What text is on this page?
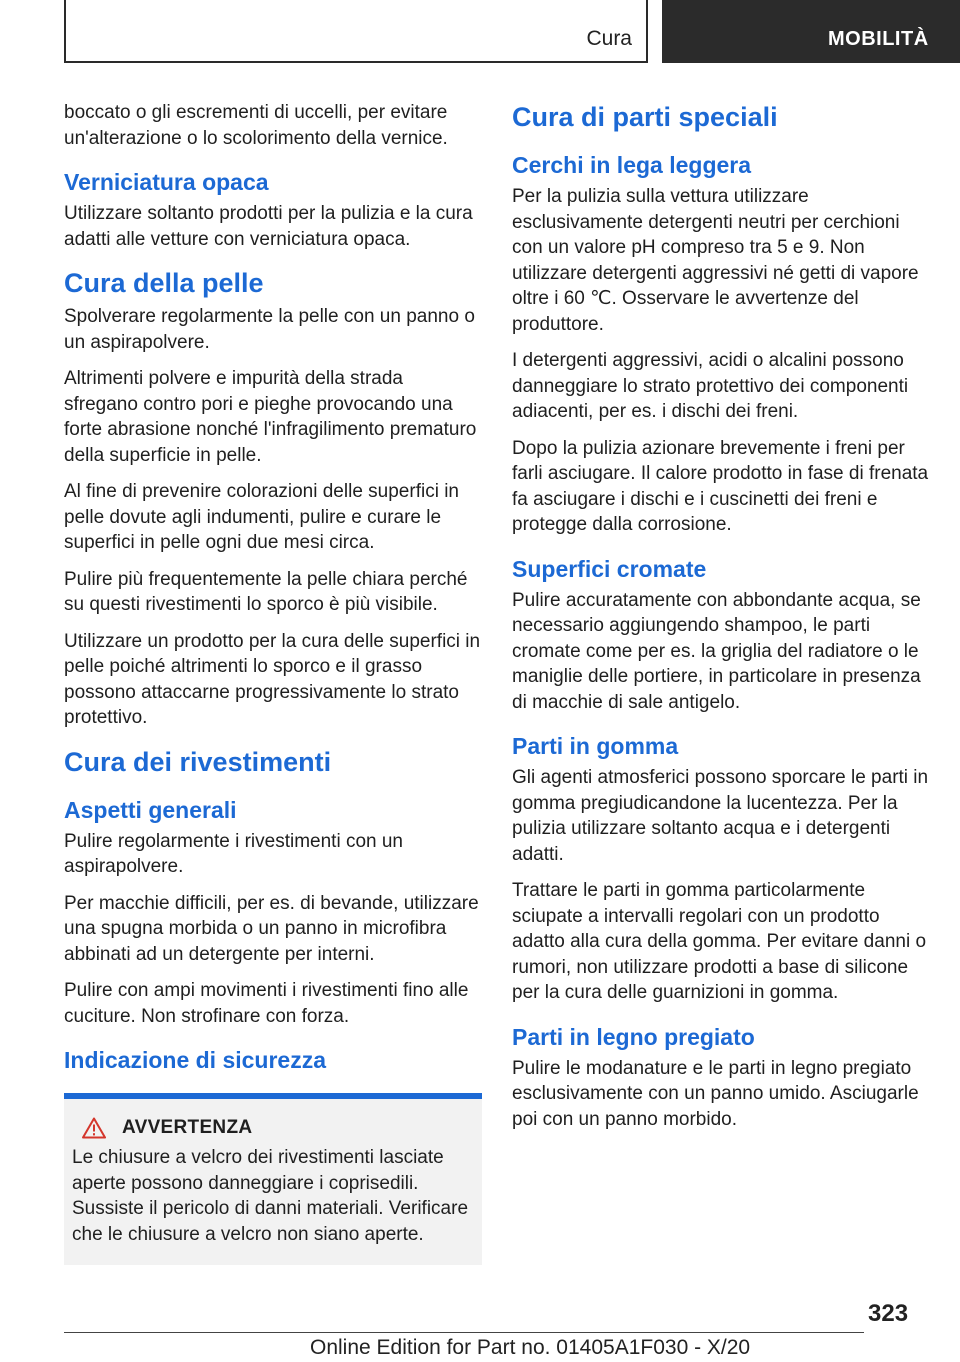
Cura	MOBILITÀ

boccato o gli escrementi di uccelli, per evitare un'alterazione o lo scolorimento della vernice.

Verniciatura opaca

Utilizzare soltanto prodotti per la pulizia e la cura adatti alle vetture con verniciatura opaca.

Cura della pelle

Spolverare regolarmente la pelle con un panno o un aspirapolvere.

Altrimenti polvere e impurità della strada sfregano contro pori e pieghe provocando una forte abrasione nonché l'infragilimento prematuro della superficie in pelle.

Al fine di prevenire colorazioni delle superfici in pelle dovute agli indumenti, pulire e curare le superfici in pelle ogni due mesi circa.

Pulire più frequentemente la pelle chiara perché su questi rivestimenti lo sporco è più visibile.

Utilizzare un prodotto per la cura delle superfici in pelle poiché altrimenti lo sporco e il grasso possono attaccarne progressivamente lo strato protettivo.

Cura dei rivestimenti
Aspetti generali

Pulire regolarmente i rivestimenti con un aspirapolvere.

Per macchie difficili, per es. di bevande, utilizzare una spugna morbida o un panno in microfibra abbinati ad un detergente per interni.

Pulire con ampi movimenti i rivestimenti fino alle cuciture. Non strofinare con forza.

Indicazione di sicurezza
AVVERTENZA

Le chiusure a velcro dei rivestimenti lasciate aperte possono danneggiare i coprisedili. Sussiste il pericolo di danni materiali. Verificare che le chiusure a velcro non siano aperte.

Cura di parti speciali
Cerchi in lega leggera

Per la pulizia sulla vettura utilizzare esclusivamente detergenti neutri per cerchioni con un valore pH compreso tra 5 e 9. Non utilizzare detergenti aggressivi né getti di vapore oltre i 60 ℃. Osservare le avvertenze del produttore.

I detergenti aggressivi, acidi o alcalini possono danneggiare lo strato protettivo dei componenti adiacenti, per es. i dischi dei freni.

Dopo la pulizia azionare brevemente i freni per farli asciugare. Il calore prodotto in fase di frenata fa asciugare i dischi e i cuscinetti dei freni e protegge dalla corrosione.

Superfici cromate

Pulire accuratamente con abbondante acqua, se necessario aggiungendo shampoo, le parti cromate come per es. la griglia del radiatore o le maniglie delle portiere, in particolare in presenza di macchie di sale antigelo.

Parti in gomma

Gli agenti atmosferici possono sporcare le parti in gomma pregiudicandone la lucentezza. Per la pulizia utilizzare soltanto acqua e i detergenti adatti.

Trattare le parti in gomma particolarmente sciupate a intervalli regolari con un prodotto adatto alla cura della gomma. Per evitare danni o rumori, non utilizzare prodotti a base di silicone per la cura delle guarnizioni in gomma.

Parti in legno pregiato

Pulire le modanature e le parti in legno pregiato esclusivamente con un panno umido. Asciugarle poi con un panno morbido.

323
Online Edition for Part no. 01405A1F030 - X/20
